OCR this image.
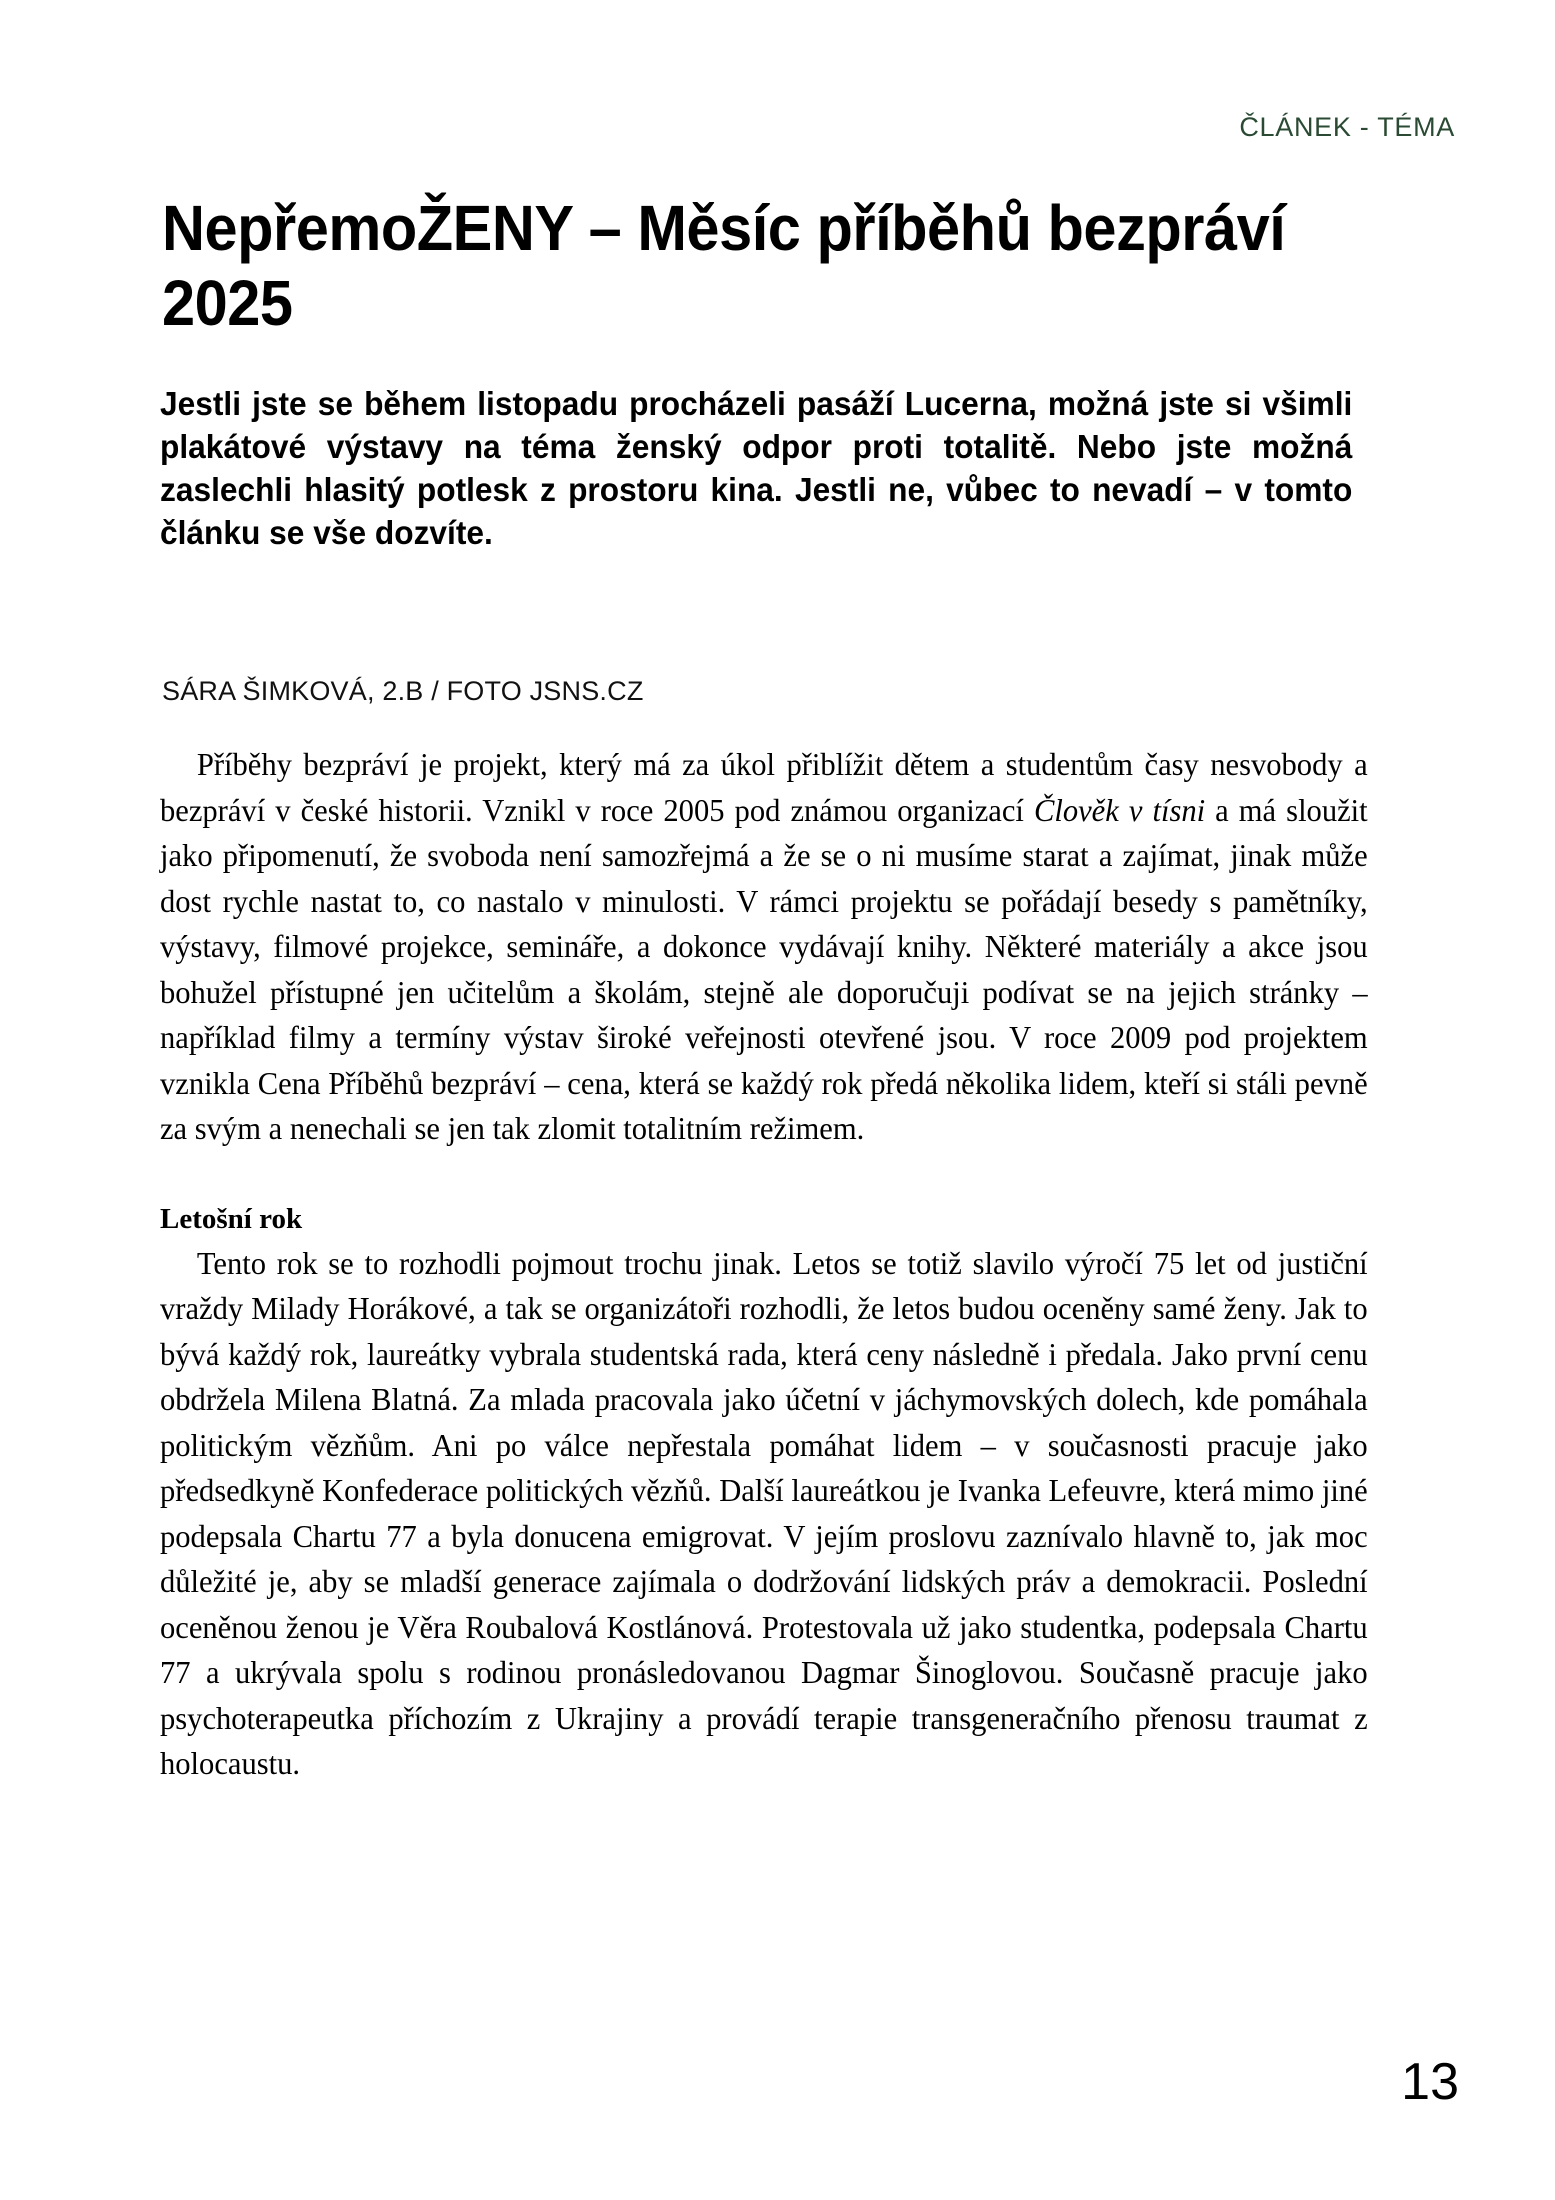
ČLÁNEK - TÉMA
NepřemoŽENY – Měsíc příběhů bezpráví 2025
Jestli jste se během listopadu procházeli pasáží Lucerna, možná jste si všimli plakátové výstavy na téma ženský odpor proti totalitě. Nebo jste možná zaslechli hlasitý potlesk z prostoru kina. Jestli ne, vůbec to nevadí – v tomto článku se vše dozvíte.
SÁRA ŠIMKOVÁ, 2.B / FOTO JSNS.CZ

Příběhy bezpráví je projekt, který má za úkol přiblížit dětem a studentům časy nesvobody a bezpráví v české historii. Vznikl v roce 2005 pod známou organizací Člověk v tísni a má sloužit jako připomenutí, že svoboda není samozřejmá a že se o ni musíme starat a zajímat, jinak může dost rychle nastat to, co nastalo v minulosti. V rámci projektu se pořádají besedy s pamětníky, výstavy, filmové projekce, semináře, a dokonce vydávají knihy. Některé materiály a akce jsou bohužel přístupné jen učitelům a školám, stejně ale doporučuji podívat se na jejich stránky – například filmy a termíny výstav široké veřejnosti otevřené jsou. V roce 2009 pod projektem vznikla Cena Příběhů bezpráví – cena, která se každý rok předá několika lidem, kteří si stáli pevně za svým a nenechali se jen tak zlomit totalitním režimem.

Letošní rok

Tento rok se to rozhodli pojmout trochu jinak. Letos se totiž slavilo výročí 75 let od justiční vraždy Milady Horákové, a tak se organizátoři rozhodli, že letos budou oceněny samé ženy. Jak to bývá každý rok, laureátky vybrala studentská rada, která ceny následně i předala. Jako první cenu obdržela Milena Blatná. Za mlada pracovala jako účetní v jáchymovských dolech, kde pomáhala politickým vězňům. Ani po válce nepřestala pomáhat lidem – v současnosti pracuje jako předsedkyně Konfederace politických vězňů. Další laureátkou je Ivanka Lefeuvre, která mimo jiné podepsala Chartu 77 a byla donucena emigrovat. V jejím proslovu zaznívalo hlavně to, jak moc důležité je, aby se mladší generace zajímala o dodržování lidských práv a demokracii. Poslední oceněnou ženou je Věra Roubalová Kostlánová. Protestovala už jako studentka, podepsala Chartu 77 a ukrývala spolu s rodinou pronásledovanou Dagmar Šinoglovou. Současně pracuje jako psychoterapeutka příchozím z Ukrajiny a provádí terapie transgeneračního přenosu traumat z holocaustu.

13
